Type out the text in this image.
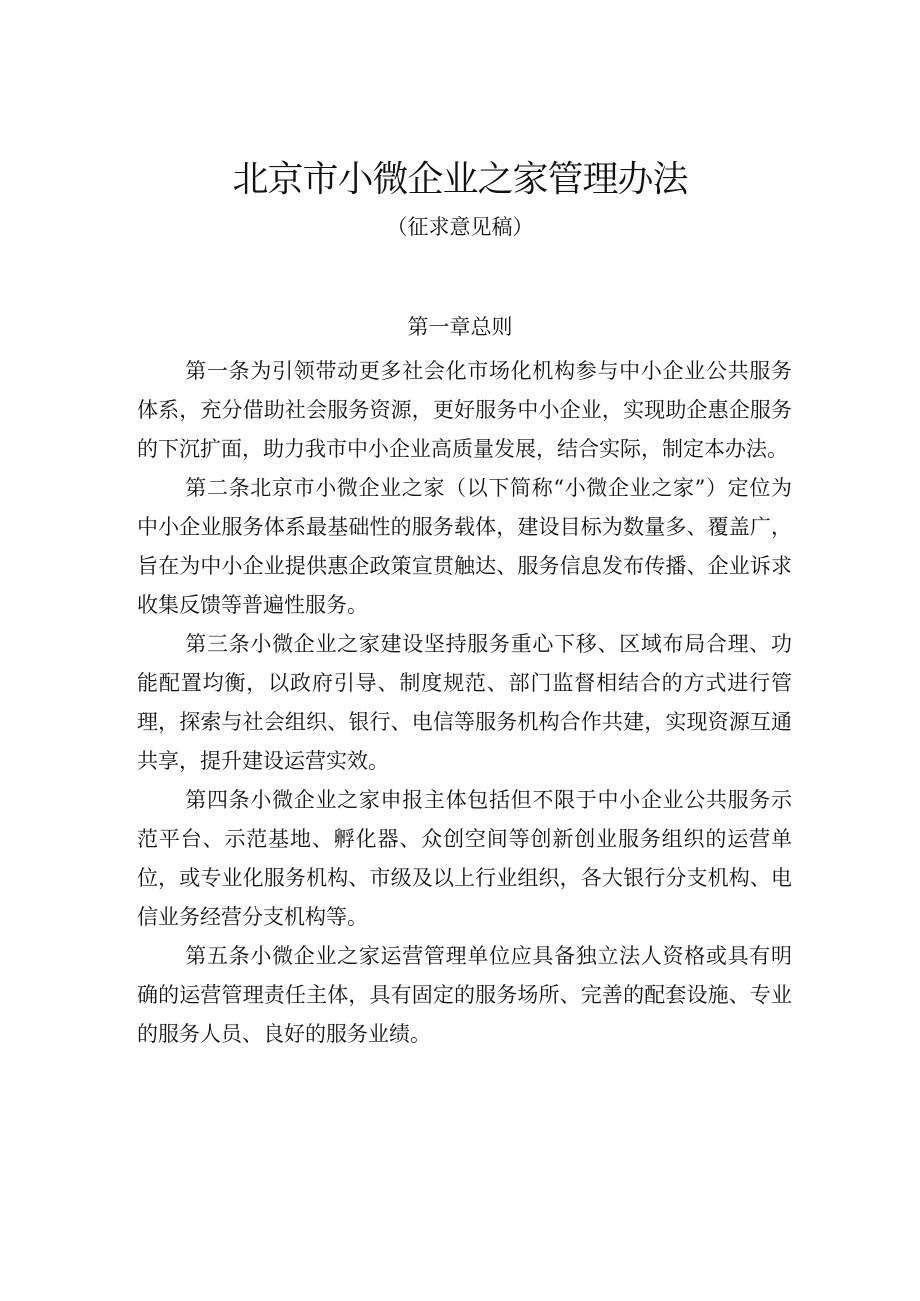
北京市小微企业之家管理办法
（征求意见稿）
第一章总则

第一条为引领带动更多社会化市场化机构参与中小企业公共服务体系，充分借助社会服务资源，更好服务中小企业，实现助企惠企服务的下沉扩面，助力我市中小企业高质量发展，结合实际，制定本办法。

第二条北京市小微企业之家（以下简称“小微企业之家”）定位为中小企业服务体系最基础性的服务载体，建设目标为数量多、覆盖广，旨在为中小企业提供惠企政策宣贯触达、服务信息发布传播、企业诉求收集反馈等普遍性服务。

第三条小微企业之家建设坚持服务重心下移、区域布局合理、功能配置均衡，以政府引导、制度规范、部门监督相结合的方式进行管理，探索与社会组织、银行、电信等服务机构合作共建，实现资源互通共享，提升建设运营实效。

第四条小微企业之家申报主体包括但不限于中小企业公共服务示范平台、示范基地、孵化器、众创空间等创新创业服务组织的运营单位，或专业化服务机构、市级及以上行业组织，各大银行分支机构、电信业务经营分支机构等。

第五条小微企业之家运营管理单位应具备独立法人资格或具有明确的运营管理责任主体，具有固定的服务场所、完善的配套设施、专业的服务人员、良好的服务业绩。
